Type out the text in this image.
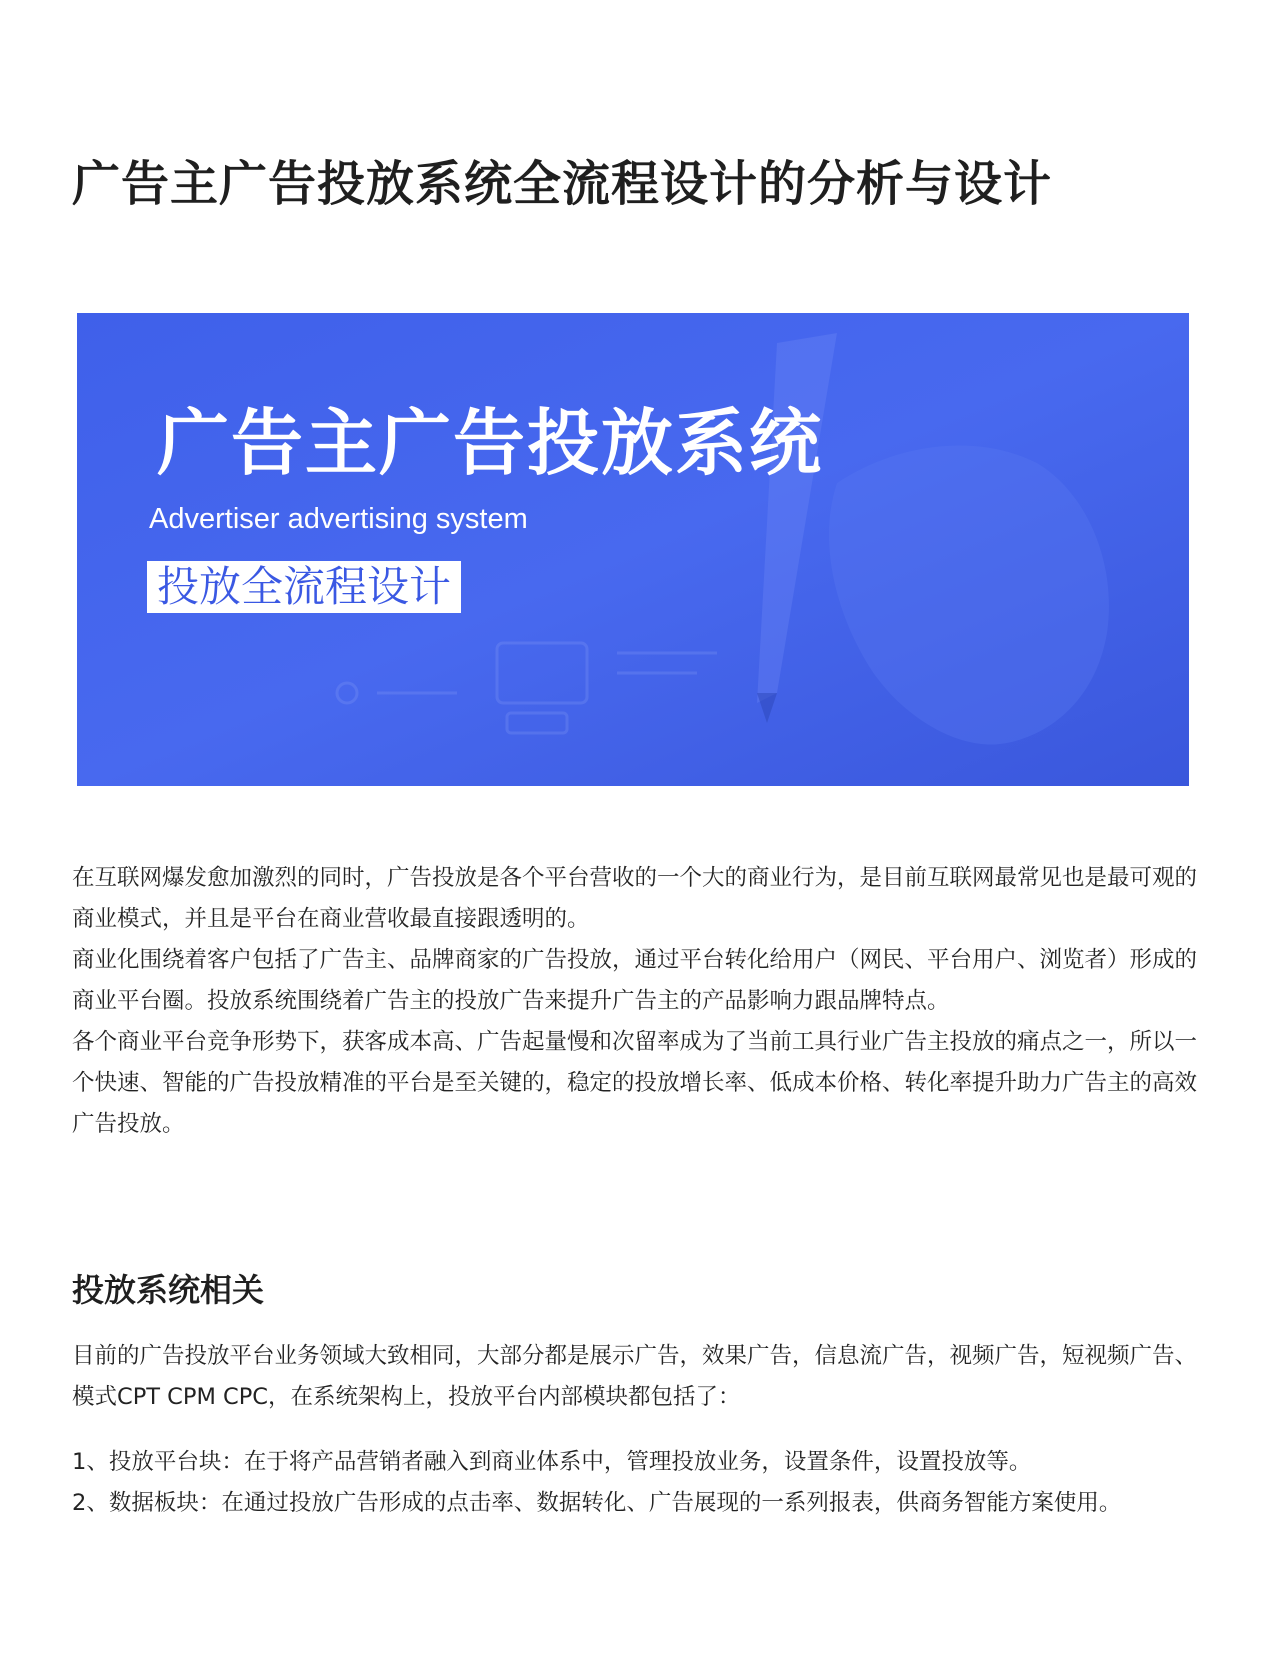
广告主广告投放系统全流程设计的分析与设计
广告主广告投放系统
Advertiser advertising system
投放全流程设计

在互联网爆发愈加激烈的同时，广告投放是各个平台营收的一个大的商业行为，是目前互联网最常见也是最可观的商业模式，并且是平台在商业营收最直接跟透明的。

商业化围绕着客户包括了广告主、品牌商家的广告投放，通过平台转化给用户（网民、平台用户、浏览者）形成的商业平台圈。投放系统围绕着广告主的投放广告来提升广告主的产品影响力跟品牌特点。

各个商业平台竞争形势下，获客成本高、广告起量慢和次留率成为了当前工具行业广告主投放的痛点之一，所以一个快速、智能的广告投放精准的平台是至关键的，稳定的投放增长率、低成本价格、转化率提升助力广告主的高效广告投放。

投放系统相关

目前的广告投放平台业务领域大致相同，大部分都是展示广告，效果广告，信息流广告，视频广告，短视频广告、模式CPT CPM CPC，在系统架构上，投放平台内部模块都包括了：

1、投放平台块：在于将产品营销者融入到商业体系中，管理投放业务，设置条件，设置投放等。
2、数据板块：在通过投放广告形成的点击率、数据转化、广告展现的一系列报表，供商务智能方案使用。
